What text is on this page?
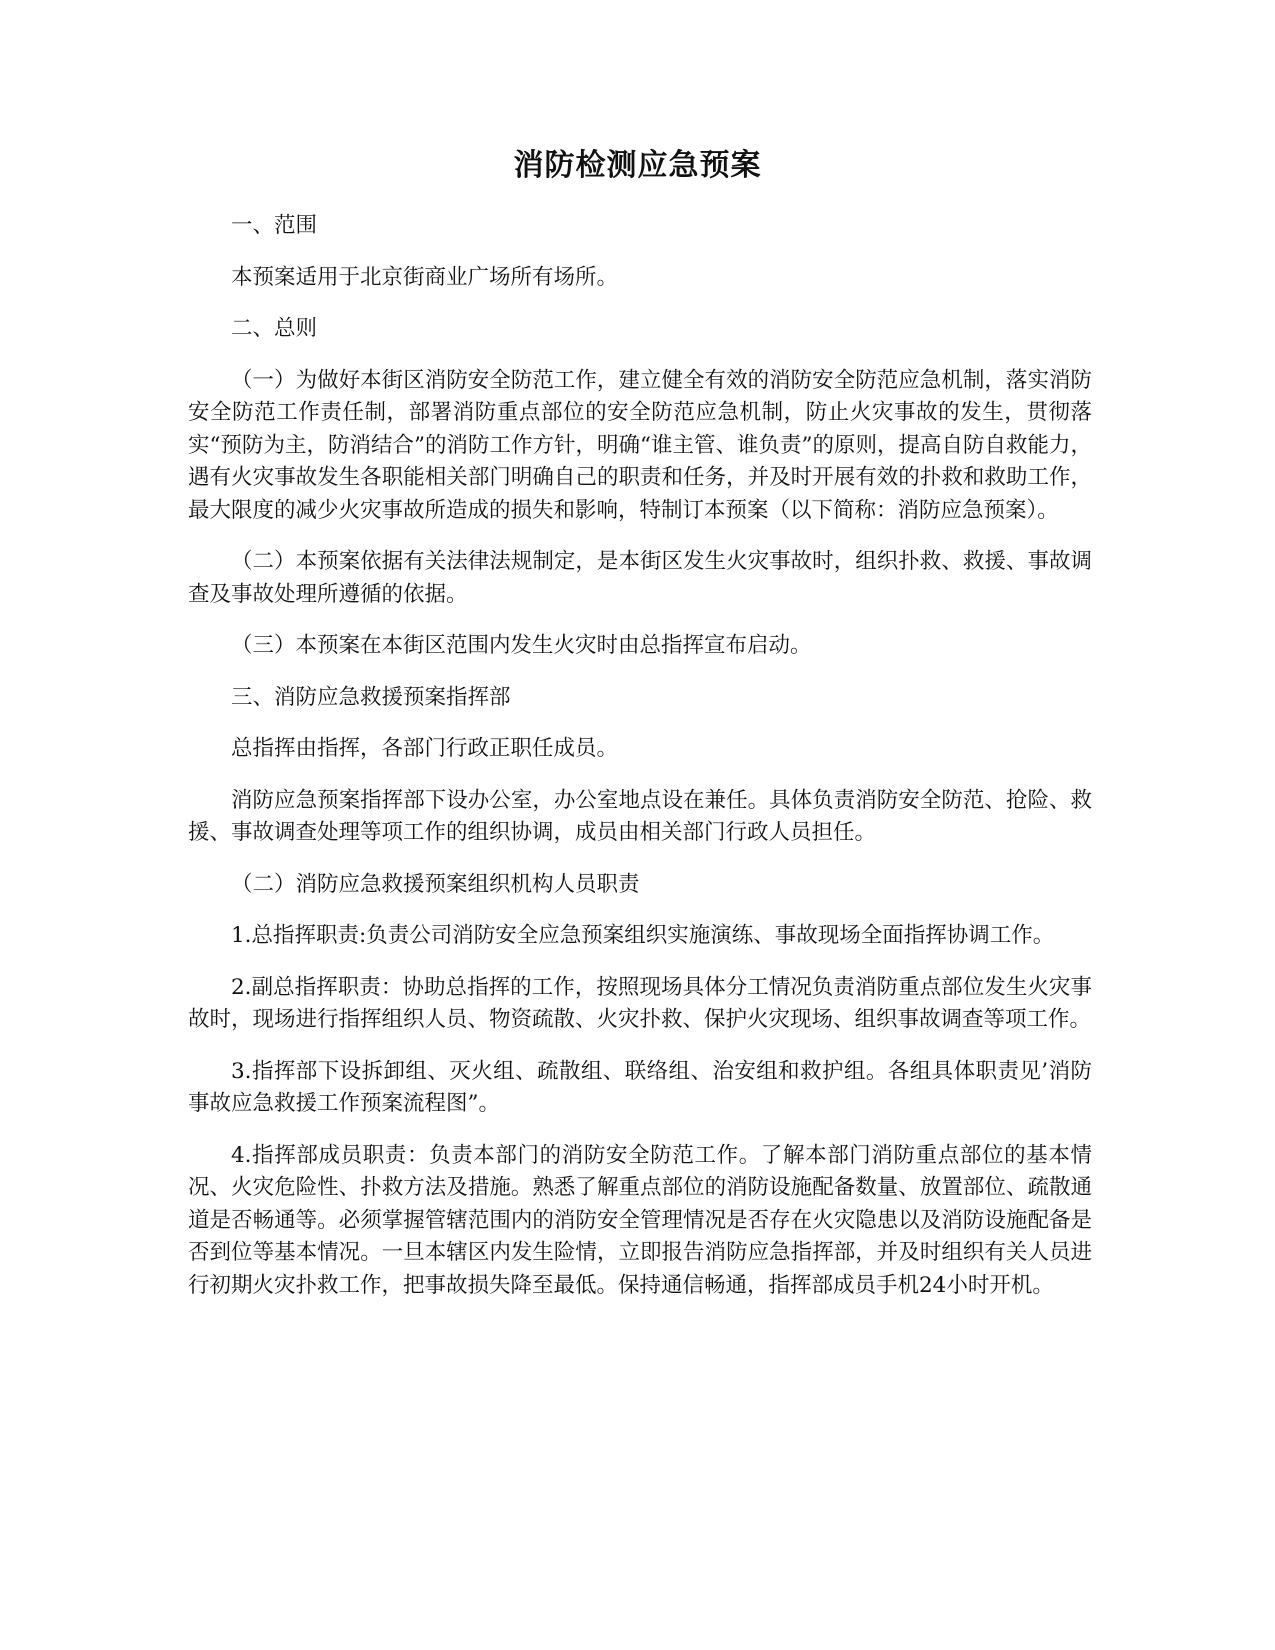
消防检测应急预案

一、范围

本预案适用于北京街商业广场所有场所。

二、总则

（一）为做好本街区消防安全防范工作，建立健全有效的消防安全防范应急机制，落实消防安全防范工作责任制，部署消防重点部位的安全防范应急机制，防止火灾事故的发生，贯彻落实“预防为主，防消结合”的消防工作方针，明确“谁主管、谁负责”的原则，提高自防自救能力，遇有火灾事故发生各职能相关部门明确自己的职责和任务，并及时开展有效的扑救和救助工作，最大限度的减少火灾事故所造成的损失和影响，特制订本预案（以下简称：消防应急预案）。

（二）本预案依据有关法律法规制定，是本街区发生火灾事故时，组织扑救、救援、事故调查及事故处理所遵循的依据。

（三）本预案在本街区范围内发生火灾时由总指挥宣布启动。

三、消防应急救援预案指挥部

总指挥由指挥，各部门行政正职任成员。

消防应急预案指挥部下设办公室，办公室地点设在兼任。具体负责消防安全防范、抢险、救援、事故调查处理等项工作的组织协调，成员由相关部门行政人员担任。

（二）消防应急救援预案组织机构人员职责

1.总指挥职责:负责公司消防安全应急预案组织实施演练、事故现场全面指挥协调工作。

2.副总指挥职责：协助总指挥的工作，按照现场具体分工情况负责消防重点部位发生火灾事故时，现场进行指挥组织人员、物资疏散、火灾扑救、保护火灾现场、组织事故调查等项工作。

3.指挥部下设拆卸组、灭火组、疏散组、联络组、治安组和救护组。各组具体职责见’消防事故应急救援工作预案流程图”。

4.指挥部成员职责：负责本部门的消防安全防范工作。了解本部门消防重点部位的基本情况、火灾危险性、扑救方法及措施。熟悉了解重点部位的消防设施配备数量、放置部位、疏散通道是否畅通等。必须掌握管辖范围内的消防安全管理情况是否存在火灾隐患以及消防设施配备是否到位等基本情况。一旦本辖区内发生险情，立即报告消防应急指挥部，并及时组织有关人员进行初期火灾扑救工作，把事故损失降至最低。保持通信畅通，指挥部成员手机24小时开机。
